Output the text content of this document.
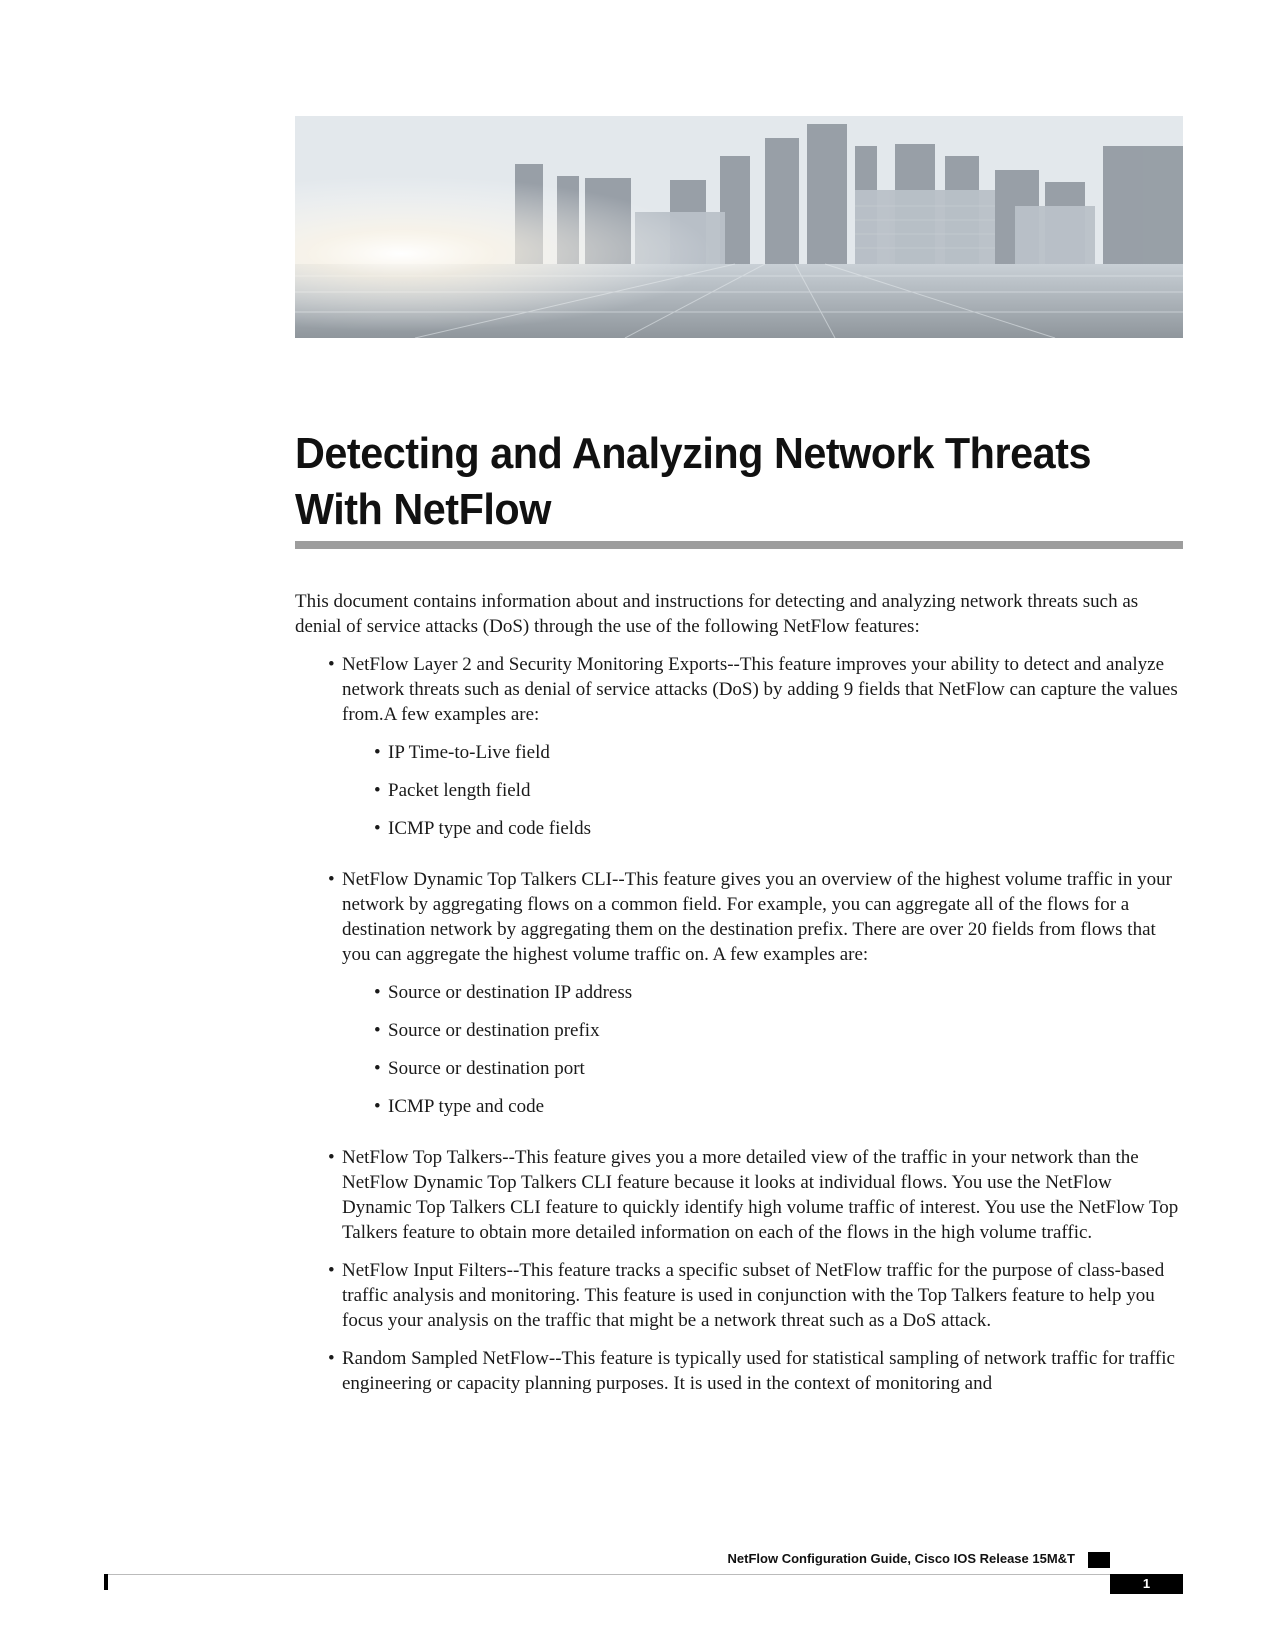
Detecting and Analyzing Network Threats With NetFlow

This document contains information about and instructions for detecting and analyzing network threats such as denial of service attacks (DoS) through the use of the following NetFlow features:

• NetFlow Layer 2 and Security Monitoring Exports--This feature improves your ability to detect and analyze network threats such as denial of service attacks (DoS) by adding 9 fields that NetFlow can capture the values from.A few examples are:
• IP Time-to-Live field
• Packet length field
• ICMP type and code fields
• NetFlow Dynamic Top Talkers CLI--This feature gives you an overview of the highest volume traffic in your network by aggregating flows on a common field. For example, you can aggregate all of the flows for a destination network by aggregating them on the destination prefix. There are over 20 fields from flows that you can aggregate the highest volume traffic on. A few examples are:
• Source or destination IP address
• Source or destination prefix
• Source or destination port
• ICMP type and code
• NetFlow Top Talkers--This feature gives you a more detailed view of the traffic in your network than the NetFlow Dynamic Top Talkers CLI feature because it looks at individual flows. You use the NetFlow Dynamic Top Talkers CLI feature to quickly identify high volume traffic of interest. You use the NetFlow Top Talkers feature to obtain more detailed information on each of the flows in the high volume traffic.
• NetFlow Input Filters--This feature tracks a specific subset of NetFlow traffic for the purpose of class-based traffic analysis and monitoring. This feature is used in conjunction with the Top Talkers feature to help you focus your analysis on the traffic that might be a network threat such as a DoS attack.
• Random Sampled NetFlow--This feature is typically used for statistical sampling of network traffic for traffic engineering or capacity planning purposes. It is used in the context of monitoring and
NetFlow Configuration Guide, Cisco IOS Release 15M&T
1
